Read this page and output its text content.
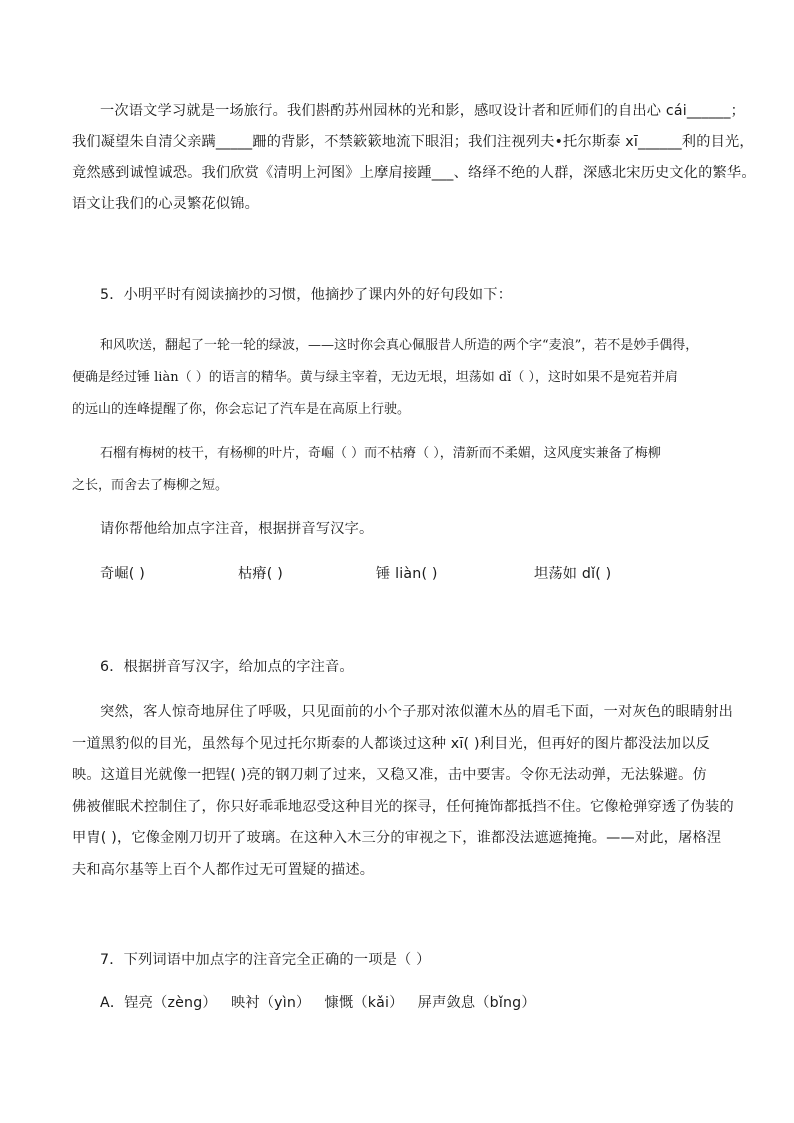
一次语文学习就是一场旅行。我们斟酌苏州园林的光和影，感叹设计者和匠师们的自出心 cái______；
我们凝望朱自清父亲蹒_____跚的背影，不禁簌簌地流下眼泪；我们注视列夫•托尔斯泰 xī______利的目光，
竟然感到诚惶诚恐。我们欣赏《清明上河图》上摩肩接踵___、络绎不绝的人群，深感北宋历史文化的繁华。
语文让我们的心灵繁花似锦。

5．小明平时有阅读摘抄的习惯，他摘抄了课内外的好句段如下：

和风吹送，翻起了一轮一轮的绿波，——这时你会真心佩服昔人所造的两个字“麦浪”，若不是妙手偶得，
便确是经过锤 liàn（ ）的语言的精华。黄与绿主宰着，无边无垠，坦荡如 dǐ（ ），这时如果不是宛若并肩
的远山的连峰提醒了你，你会忘记了汽车是在高原上行驶。
石榴有梅树的枝干，有杨柳的叶片，奇崛（ ）而不枯瘠（ ），清新而不柔媚，这风度实兼备了梅柳
之长，而舍去了梅柳之短。

请你帮他给加点字注音，根据拼音写汉字。

奇崛( )	枯瘠( )	锤 liàn( )	坦荡如 dǐ( )

6．根据拼音写汉字，给加点的字注音。

突然，客人惊奇地屏住了呼吸，只见面前的小个子那对浓似灌木丛的眉毛下面，一对灰色的眼睛射出
一道黑豹似的目光，虽然每个见过托尔斯泰的人都谈过这种 xī( )利目光，但再好的图片都没法加以反
映。这道目光就像一把锃( )亮的钢刀刺了过来，又稳又准，击中要害。令你无法动弹，无法躲避。仿
佛被催眠术控制住了，你只好乖乖地忍受这种目光的探寻，任何掩饰都抵挡不住。它像枪弹穿透了伪装的
甲胄( )，它像金刚刀切开了玻璃。在这种入木三分的审视之下，谁都没法遮遮掩掩。——对此，屠格涅
夫和高尔基等上百个人都作过无可置疑的描述。

7．下列词语中加点字的注音完全正确的一项是（ ）

A．锃亮（zèng）   映衬（yìn）   慷慨（kǎi）   屏声敛息（bǐng）
